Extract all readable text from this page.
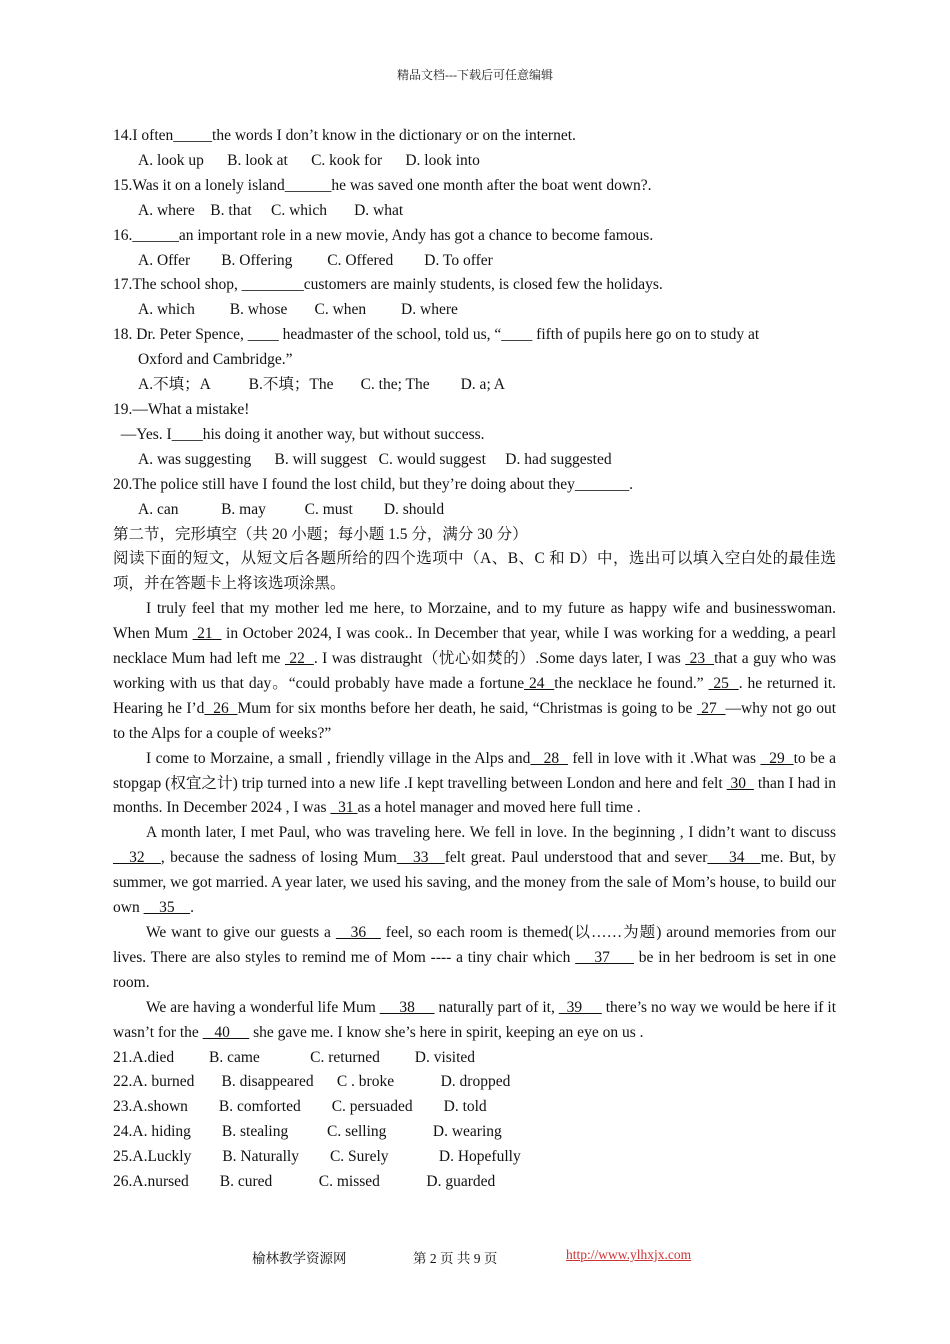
精品文档---下载后可任意编辑

14.I often_____the words I don’t know in the dictionary or on the internet.

A. look up      B. look at      C. kook for      D. look into

15.Was it on a lonely island______he was saved one month after the boat went down?.

A. where    B. that     C. which       D. what

16.______an important role in a new movie, Andy has got a chance to become famous.

A. Offer        B. Offering         C. Offered        D. To offer

17.The school shop, ________customers are mainly students, is closed few the holidays.

A. which         B. whose       C. when         D. where

18. Dr. Peter Spence, ____ headmaster of the school, told us, “____ fifth of pupils here go on to study at

Oxford and Cambridge.”

A.不填；A          B.不填；The       C. the; The        D. a; A

19.—What a mistake!

—Yes. I____his doing it another way, but without success.

A. was suggesting      B. will suggest   C. would suggest     D. had suggested

20.The police still have I found the lost child, but they’re doing about they_______.

A. can           B. may          C. must        D. should

第二节，完形填空（共 20 小题；每小题 1.5 分，满分 30 分）

阅读下面的短文，从短文后各题所给的四个选项中（A、B、C 和 D）中，选出可以填入空白处的最佳选项，并在答题卡上将该选项涂黑。

I truly feel that my mother led me here, to Morzaine, and to my future as happy wife and businesswoman. When Mum  21   in October 2024, I was cook.. In December that year, while I was working for a wedding, a pearl necklace Mum had left me  22  . I was distraught（忧心如焚的）.Some days later, I was  23  that a guy who was working with us that day。“could probably have made a fortune 24  the necklace he found.”  25  . he returned it. Hearing he I’d  26  Mum for six months before her death, he said, “Christmas is going to be  27  —why not go out to the Alps for a couple of weeks?”

I come to Morzaine, a small , friendly village in the Alps and   28   fell in love with it .What was   29  to be a stopgap (权宜之计) trip turned into a new life .I kept travelling between London and here and felt  30   than I had in months. In December 2024 , I was   31 as a hotel manager and moved here full time .

A month later, I met Paul, who was traveling here. We fell in love. In the beginning , I didn’t want to discuss   32   , because the sadness of losing Mum   33   felt great. Paul understood that and sever    34   me. But, by summer, we got married. A year later, we used his saving, and the money from the sale of Mom’s house, to build our own     35    .

We want to give our guests a    36    feel, so each room is themed(以……为题) around memories from our lives. There are also styles to remind me of Mom ---- a tiny chair which     37      be in her bedroom is set in one room.

We are having a wonderful life Mum      38      naturally part of it,   39      there’s no way we would be here if it wasn’t for the    40      she gave me. I know she’s here in spirit, keeping an eye on us .

21.A.died         B. came             C. returned         D. visited

22.A. burned       B. disappeared      C . broke            D. dropped

23.A.shown        B. comforted        C. persuaded        D. told

24.A. hiding        B. stealing          C. selling            D. wearing

25.A.Luckly        B. Naturally        C. Surely             D. Hopefully

26.A.nursed        B. cured            C. missed            D. guarded

榆林教学资源网	第 2 页 共 9 页	http://www.ylhxjx.com
